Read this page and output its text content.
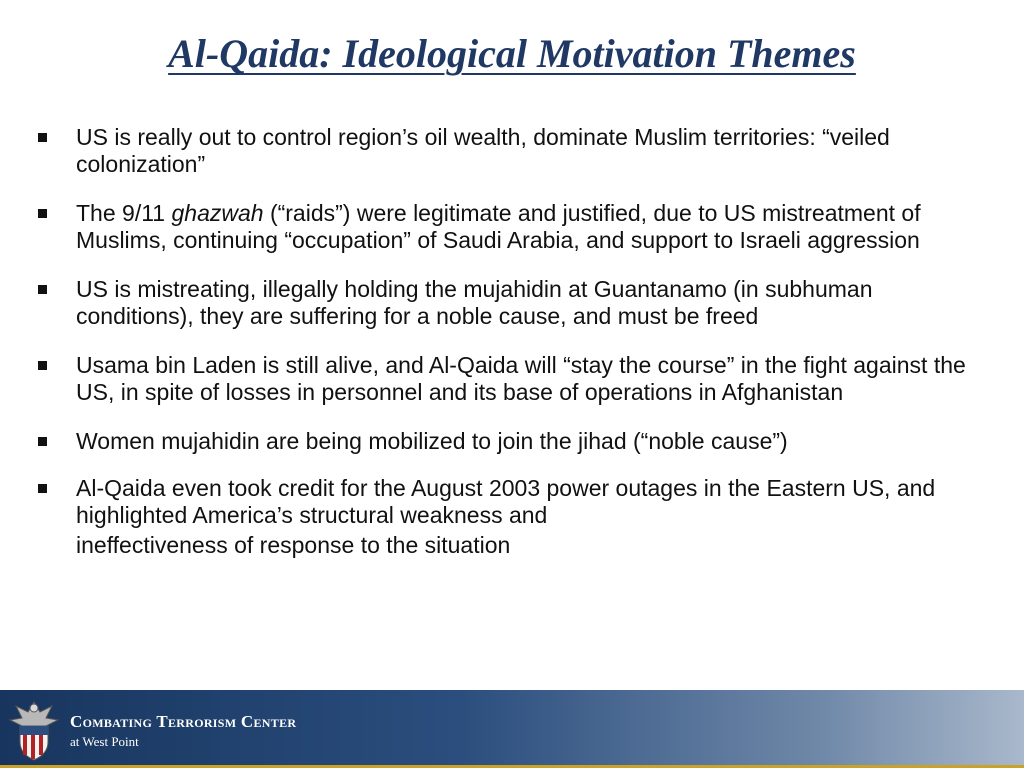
Al-Qaida: Ideological Motivation Themes
US is really out to control region’s oil wealth, dominate Muslim territories: “veiled colonization”
The 9/11 ghazwah (“raids”) were legitimate and justified, due to US mistreatment of Muslims, continuing “occupation” of Saudi Arabia, and support to Israeli aggression
US is mistreating, illegally holding the mujahidin at Guantanamo (in subhuman conditions), they are suffering for a noble cause, and must be freed
Usama bin Laden is still alive, and Al-Qaida will “stay the course” in the fight against the US, in spite of losses in personnel and its base of operations in Afghanistan
Women mujahidin are being mobilized to join the jihad (“noble cause”)
Al-Qaida even took credit for the August 2003 power outages in the Eastern US, and highlighted America’s structural weakness and
ineffectiveness of response to the situation
Combating Terrorism Center
at West Point
